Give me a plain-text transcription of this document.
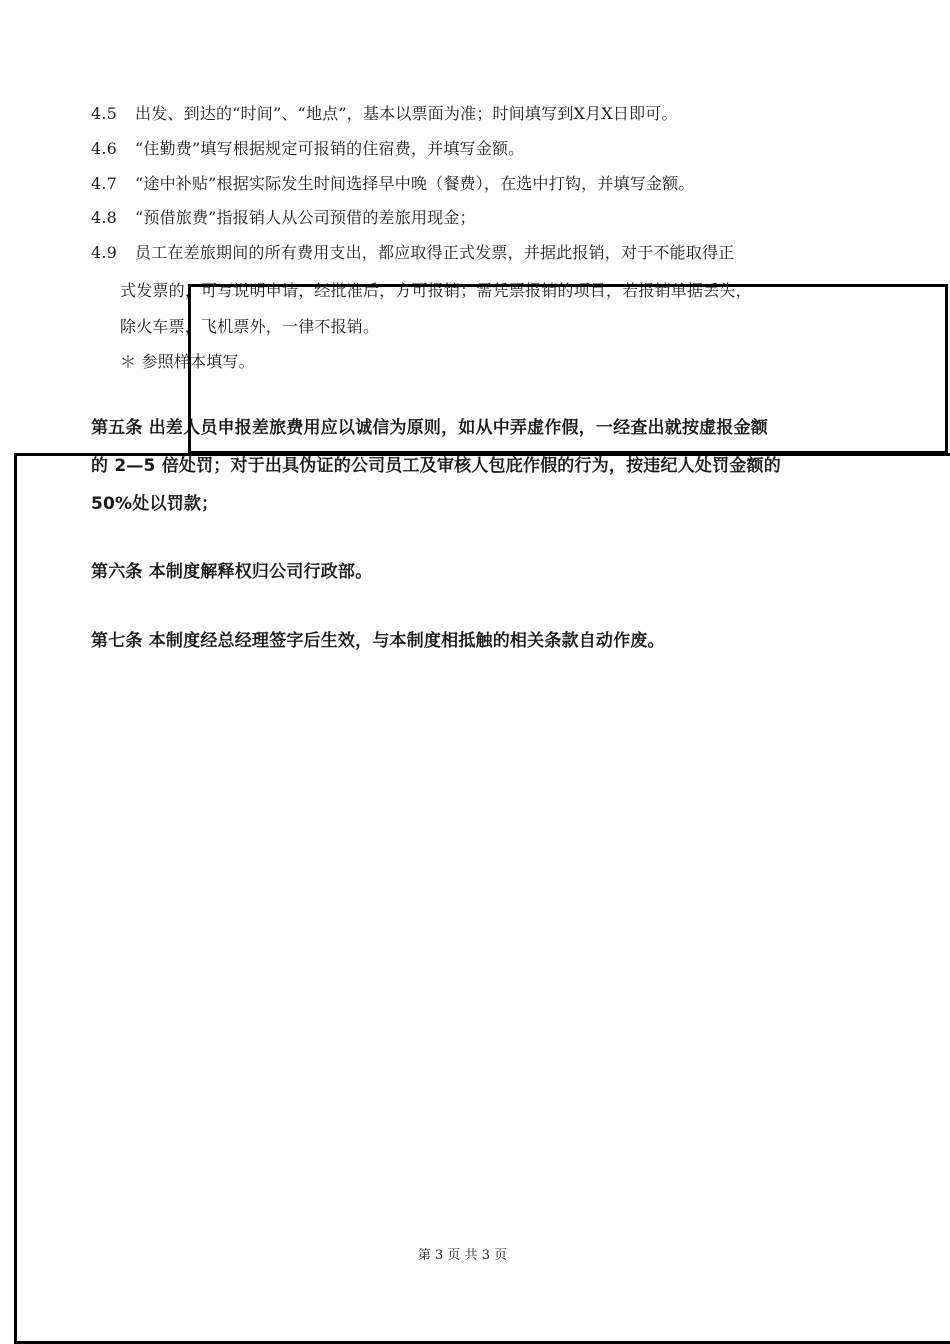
4.5 出发、到达的“时间”、“地点”，基本以票面为准；时间填写到X月X日即可。
4.6 “住勤费”填写根据规定可报销的住宿费，并填写金额。
4.7 “途中补贴”根据实际发生时间选择早中晚（餐费），在选中打钩，并填写金额。
4.8 “预借旅费”指报销人从公司预借的差旅用现金；
4.9 员工在差旅期间的所有费用支出，都应取得正式发票，并据此报销，对于不能取得正
式发票的，可写说明申请，经批准后，方可报销；需凭票报销的项目，若报销单据丢失，
除火车票，飞机票外，一律不报销。
＊ 参照样本填写。
第五条 出差人员申报差旅费用应以诚信为原则，如从中弄虚作假，一经查出就按虚报金额
的 2—5 倍处罚；对于出具伪证的公司员工及审核人包庇作假的行为，按违纪人处罚金额的
50%处以罚款；
第六条 本制度解释权归公司行政部。
第七条 本制度经总经理签字后生效，与本制度相抵触的相关条款自动作废。
第 3 页 共 3 页
